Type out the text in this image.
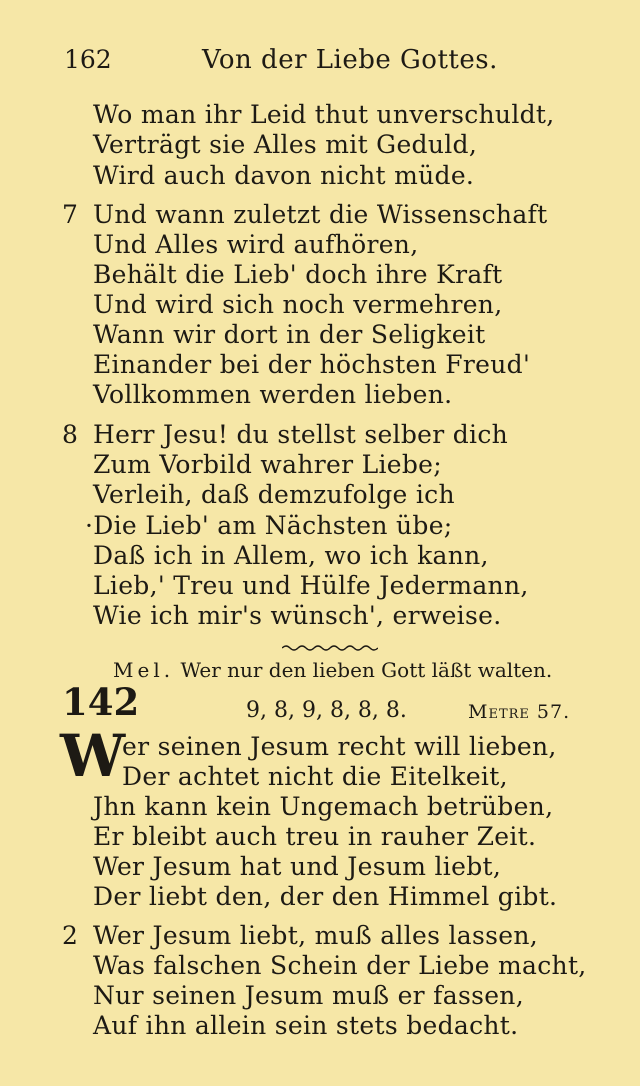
162	Von der Liebe Gottes.
Wo man ihr Leid thut unverschuldt,
Verträgt sie Alles mit Geduld,
Wird auch davon nicht müde.
7 Und wann zuletzt die Wissenschaft
Und Alles wird aufhören,
Behält die Lieb' doch ihre Kraft
Und wird sich noch vermehren,
Wann wir dort in der Seligkeit
Einander bei der höchsten Freud'
Vollkommen werden lieben.
8 Herr Jesu! du stellst selber dich
Zum Vorbild wahrer Liebe;
Verleih, daß demzufolge ich
·Die Lieb' am Nächsten übe;
Daß ich in Allem, wo ich kann,
Lieb,' Treu und Hülfe Jedermann,
Wie ich mir's wünsch', erweise.
Mel. Wer nur den lieben Gott läßt walten.
142	9, 8, 9, 8, 8, 8.	Metre 57.
W
er seinen Jesum recht will lieben,
Der achtet nicht die Eitelkeit,
Jhn kann kein Ungemach betrüben,
Er bleibt auch treu in rauher Zeit.
Wer Jesum hat und Jesum liebt,
Der liebt den, der den Himmel gibt.
2 Wer Jesum liebt, muß alles lassen,
Was falschen Schein der Liebe macht,
Nur seinen Jesum muß er fassen,
Auf ihn allein sein stets bedacht.
